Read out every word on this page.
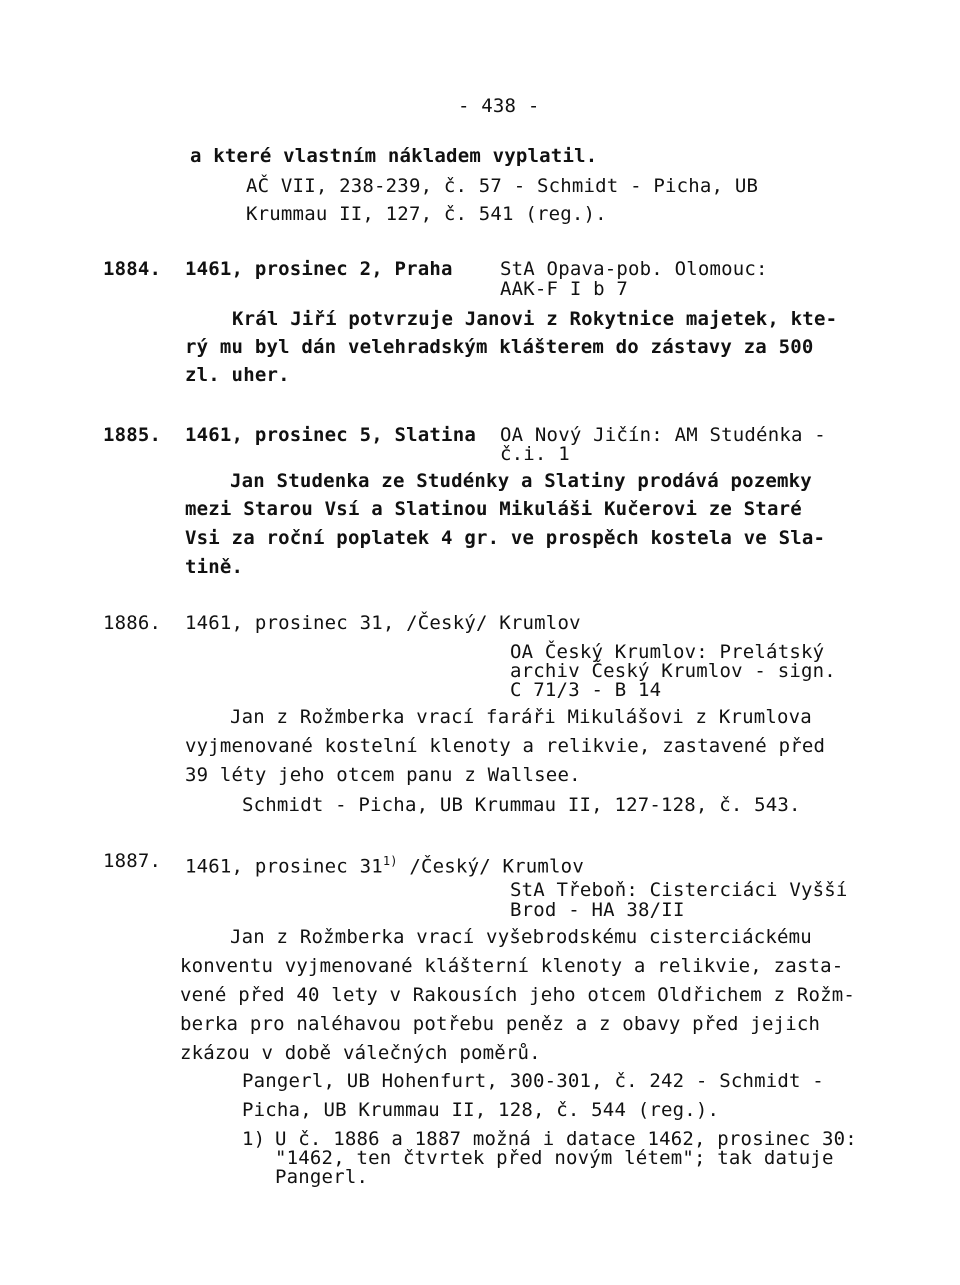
- 438 -
a které vlastním nákladem vyplatil.
AČ VII, 238-239, č. 57 - Schmidt - Picha, UB
Krummau II, 127, č. 541 (reg.).
1884. 1461, prosinec 2, Praha StA Opava-pob. Olomouc:
AAK-F I b 7
Král Jiří potvrzuje Janovi z Rokytnice majetek, kte-
rý mu byl dán velehradským klášterem do zástavy za 500
zl. uher.
1885. 1461, prosinec 5, Slatina OA Nový Jičín: AM Studénka -
č.i. 1
Jan Studenka ze Studénky a Slatiny prodává pozemky
mezi Starou Vsí a Slatinou Mikuláši Kučerovi ze Staré
Vsi za roční poplatek 4 gr. ve prospěch kostela ve Sla-
tině.
1886. 1461, prosinec 31, /Český/ Krumlov
OA Český Krumlov: Prelátský
archiv Český Krumlov - sign.
C 71/3 - B 14
Jan z Rožmberka vrací faráři Mikulášovi z Krumlova
vyjmenované kostelní klenoty a relikvie, zastavené před
39 léty jeho otcem panu z Wallsee.
Schmidt - Picha, UB Krummau II, 127-128, č. 543.
1887. 1461, prosinec 31$^{1)}$ /Český/ Krumlov
StA Třeboň: Cisterciáci Vyšší
Brod - HA 38/II
Jan z Rožmberka vrací vyšebrodskému cisterciáckému
konventu vyjmenované klášterní klenoty a relikvie, zasta-
vené před 40 lety v Rakousích jeho otcem Oldřichem z Rožm-
berka pro naléhavou potřebu peněz a z obavy před jejich
zkázou v době válečných poměrů.
Pangerl, UB Hohenfurt, 300-301, č. 242 - Schmidt -
Picha, UB Krummau II, 128, č. 544 (reg.).
1) U č. 1886 a 1887 možná i datace 1462, prosinec 30:
"1462, ten čtvrtek před novým létem"; tak datuje
Pangerl.
